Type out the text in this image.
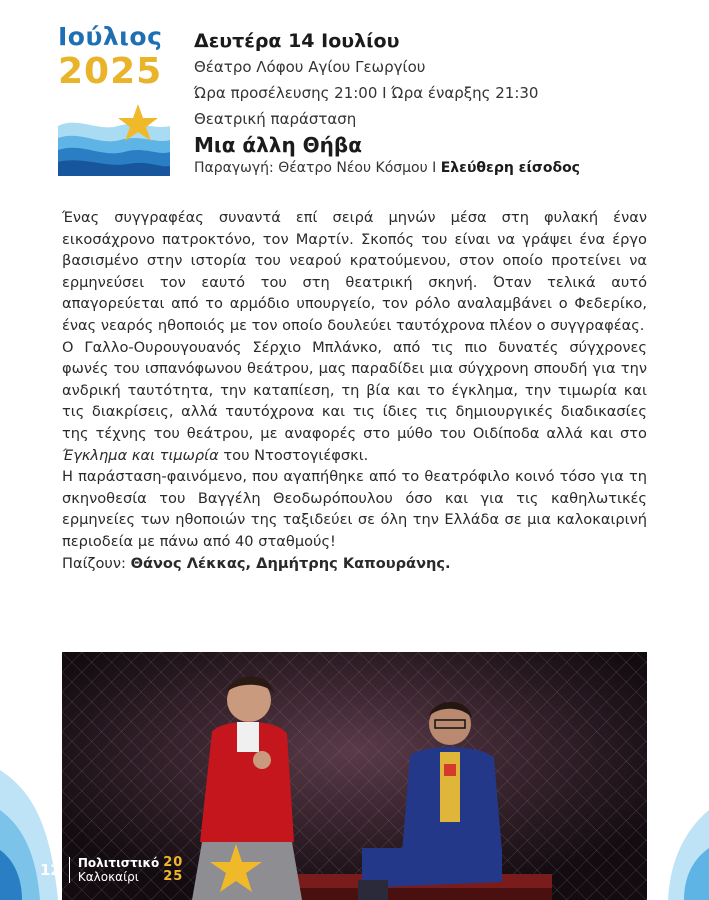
Ιούλιος
2025
Δευτέρα 14 Ιουλίου
Θέατρο Λόφου Αγίου Γεωργίου
Ώρα προσέλευσης 21:00 Ι Ώρα έναρξης 21:30
Θεατρική παράσταση
Μια άλλη Θήβα
Παραγωγή: Θέατρο Νέου Κόσμου Ι Ελεύθερη είσοδος

Ένας συγγραφέας συναντά επί σειρά μηνών μέσα στη φυλακή έναν εικοσάχρονο πατροκτόνο, τον Μαρτίν. Σκοπός του είναι να γράψει ένα έργο βασισμένο στην ιστορία του νεαρού κρατούμενου, στον οποίο προτείνει να ερμηνεύσει τον εαυτό του στη θεατρική σκηνή. Όταν τελικά αυτό απαγορεύεται από το αρμόδιο υπουργείο, τον ρόλο αναλαμβάνει ο Φεδερίκο, ένας νεαρός ηθοποιός με τον οποίο δουλεύει ταυτόχρονα πλέον ο συγγραφέας.

Ο Γαλλο-Ουρουγουανός Σέρχιο Μπλάνκο, από τις πιο δυνατές σύγχρονες φωνές του ισπανόφωνου θεάτρου, μας παραδίδει μια σύγχρονη σπουδή για την ανδρική ταυτότητα, την καταπίεση, τη βία και το έγκλημα, την τιμωρία και τις διακρίσεις, αλλά ταυτόχρονα και τις ίδιες τις δημιουργικές διαδικασίες της τέχνης του θεάτρου, με αναφορές στο μύθο του Οιδίποδα αλλά και στο Έγκλημα και τιμωρία του Ντοστογιέφσκι.

Η παράσταση-φαινόμενο, που αγαπήθηκε από το θεατρόφιλο κοινό τόσο για τη σκηνοθεσία του Βαγγέλη Θεοδωρόπουλου όσο και για τις καθηλωτικές ερμηνείες των ηθοποιών της ταξιδεύει σε όλη την Ελλάδα σε μια καλοκαιρινή περιοδεία με πάνω από 40 σταθμούς!

Παίζουν: Θάνος Λέκκας, Δημήτρης Καπουράνης.

12 Πολιτιστικό
Καλοκαίρι
20
25
